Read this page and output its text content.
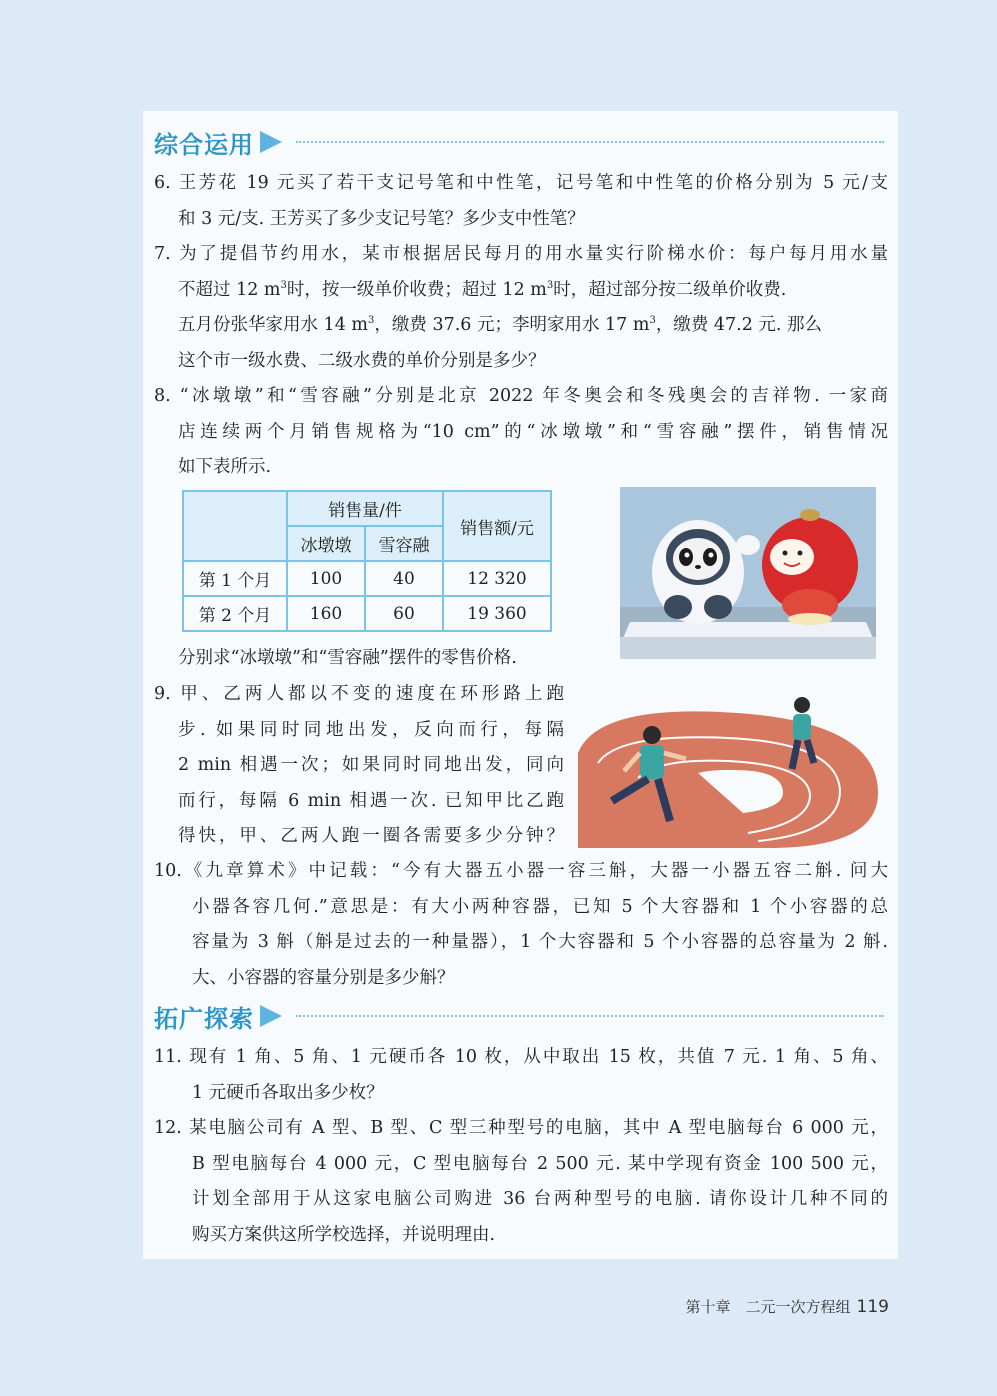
综合运用
6. 王芳花 19 元买了若干支记号笔和中性笔，记号笔和中性笔的价格分别为 5 元/支
和 3 元/支. 王芳买了多少支记号笔？多少支中性笔？
7. 为了提倡节约用水，某市根据居民每月的用水量实行阶梯水价：每户每月用水量
不超过 12 $m^3$时，按一级单价收费；超过 12 $m^3$时，超过部分按二级单价收费.
五月份张华家用水 14 $m^3$，缴费 37.6 元；李明家用水 17 $m^3$，缴费 47.2 元. 那么
这个市一级水费、二级水费的单价分别是多少？
8. “冰墩墩”和“雪容融”分别是北京 2022 年冬奥会和冬残奥会的吉祥物. 一家商
店连续两个月销售规格为“10 cm”的“冰墩墩”和“雪容融”摆件，销售情况
如下表所示.
	销售量/件		销售额/元
	冰墩墩	雪容融	
第 1 个月	100	40	12 320
第 2 个月	160	60	19 360
分别求“冰墩墩”和“雪容融”摆件的零售价格.
9. 甲、乙两人都以不变的速度在环形路上跑
步. 如果同时同地出发，反向而行，每隔
2 min 相遇一次；如果同时同地出发，同向
而行，每隔 6 min 相遇一次. 已知甲比乙跑
得快，甲、乙两人跑一圈各需要多少分钟？
10.《九章算术》中记载：“今有大器五小器一容三斛，大器一小器五容二斛. 问大
小器各容几何.”意思是：有大小两种容器，已知 5 个大容器和 1 个小容器的总
容量为 3 斛（斛是过去的一种量器），1 个大容器和 5 个小容器的总容量为 2 斛.
大、小容器的容量分别是多少斛？
拓广探索
11. 现有 1 角、5 角、1 元硬币各 10 枚，从中取出 15 枚，共值 7 元. 1 角、5 角、
1 元硬币各取出多少枚？
12. 某电脑公司有 A 型、B 型、C 型三种型号的电脑，其中 A 型电脑每台 6 000 元，
B 型电脑每台 4 000 元，C 型电脑每台 2 500 元. 某中学现有资金 100 500 元，
计划全部用于从这家电脑公司购进 36 台两种型号的电脑. 请你设计几种不同的
购买方案供这所学校选择，并说明理由.
第十章　二元一次方程组 119
